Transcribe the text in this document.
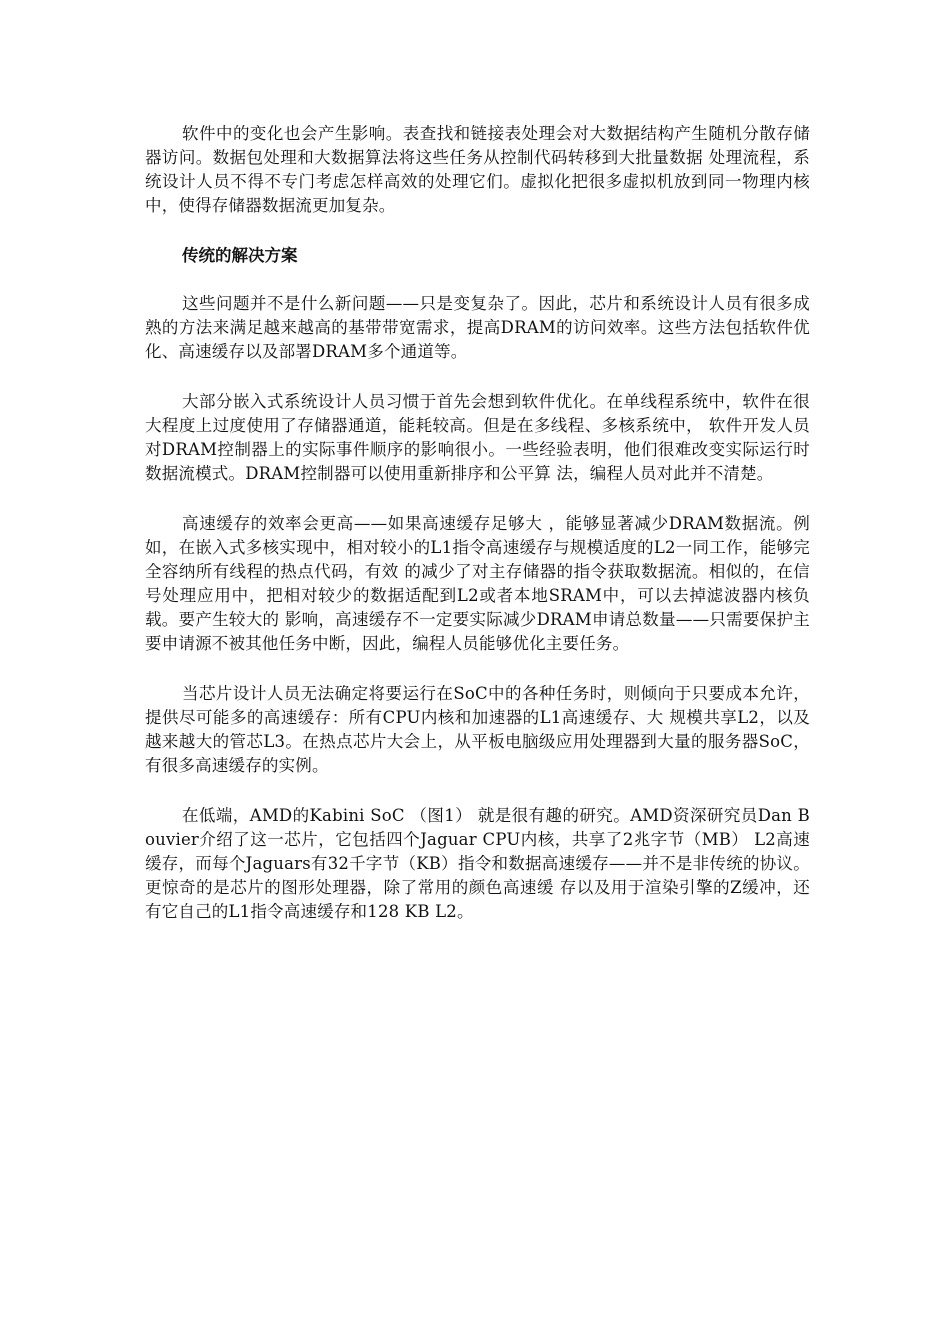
软件中的变化也会产生影响。表查找和链接表处理会对大数据结构产生随机分散存储器访问。数据包处理和大数据算法将这些任务从控制代码转移到大批量数据 处理流程，系统设计人员不得不专门考虑怎样高效的处理它们。虚拟化把很多虚拟机放到同一物理内核中，使得存储器数据流更加复杂。

传统的解决方案

这些问题并不是什么新问题——只是变复杂了。因此，芯片和系统设计人员有很多成熟的方法来满足越来越高的基带带宽需求，提高DRAM的访问效率。这些方法包括软件优化、高速缓存以及部署DRAM多个通道等。

大部分嵌入式系统设计人员习惯于首先会想到软件优化。在单线程系统中，软件在很大程度上过度使用了存储器通道，能耗较高。但是在多线程、多核系统中， 软件开发人员对DRAM控制器上的实际事件顺序的影响很小。一些经验表明，他们很难改变实际运行时数据流模式。DRAM控制器可以使用重新排序和公平算 法，编程人员对此并不清楚。

高速缓存的效率会更高——如果高速缓存足够大 ，能够显著减少DRAM数据流。例如，在嵌入式多核实现中，相对较小的L1指令高速缓存与规模适度的L2一同工作，能够完全容纳所有线程的热点代码，有效 的减少了对主存储器的指令获取数据流。相似的，在信号处理应用中，把相对较少的数据适配到L2或者本地SRAM中，可以去掉滤波器内核负载。要产生较大的 影响，高速缓存不一定要实际减少DRAM申请总数量——只需要保护主要申请源不被其他任务中断，因此，编程人员能够优化主要任务。

当芯片设计人员无法确定将要运行在SoC中的各种任务时，则倾向于只要成本允许，提供尽可能多的高速缓存：所有CPU内核和加速器的L1高速缓存、大 规模共享L2，以及越来越大的管芯L3。在热点芯片大会上，从平板电脑级应用处理器到大量的服务器SoC，有很多高速缓存的实例。

在低端，AMD的Kabini SoC （图1） 就是很有趣的研究。AMD资深研究员Dan Bouvier介绍了这一芯片，它包括四个Jaguar CPU内核，共享了2兆字节（MB） L2高速缓存，而每个Jaguars有32千字节（KB）指令和数据高速缓存——并不是非传统的协议。更惊奇的是芯片的图形处理器，除了常用的颜色高速缓 存以及用于渲染引擎的Z缓冲，还有它自己的L1指令高速缓存和128 KB L2。
